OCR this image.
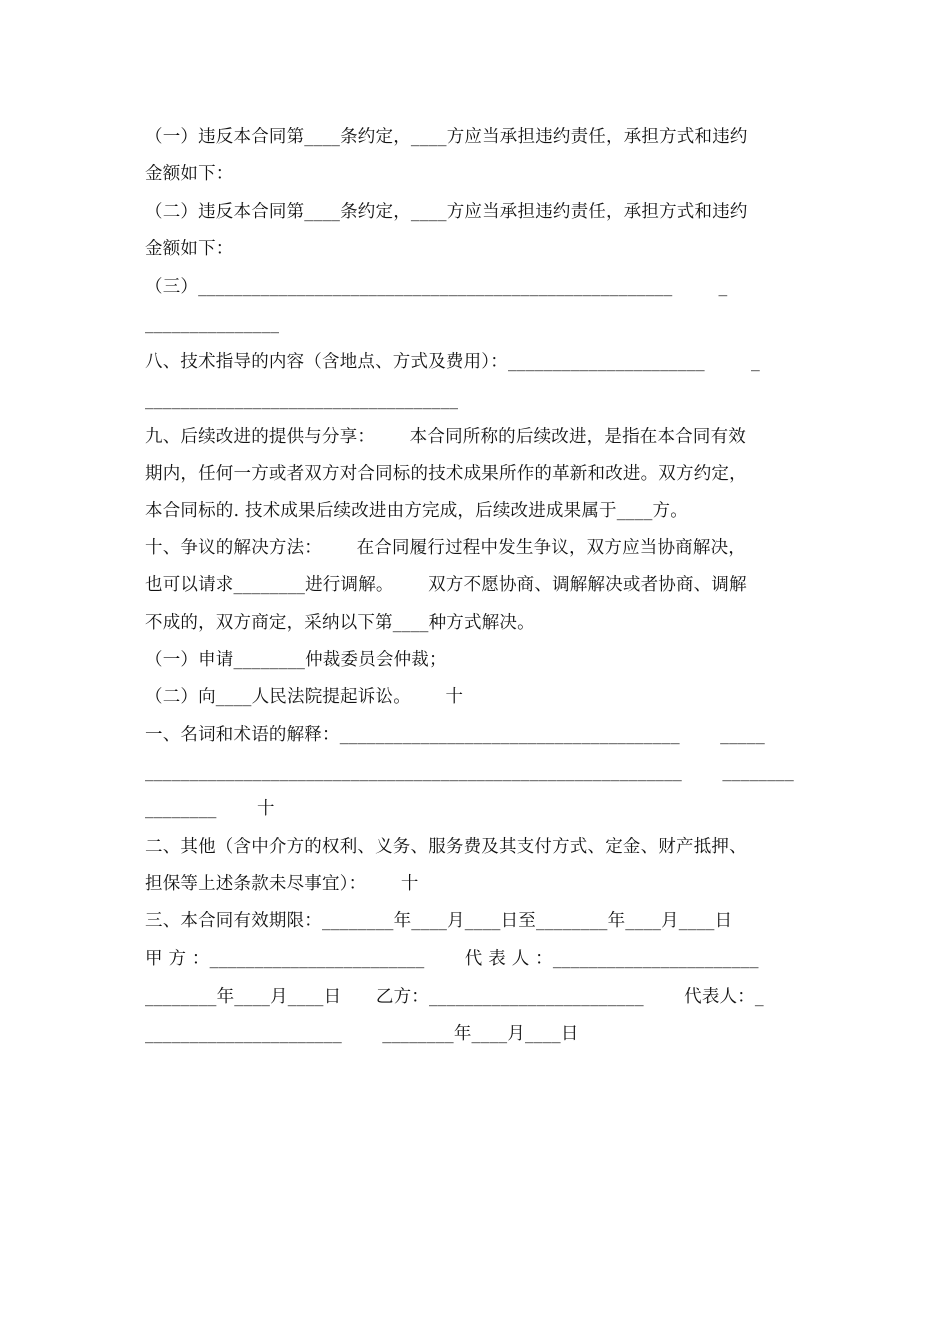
（一）违反本合同第____条约定，____方应当承担违约责任，承担方式和违约
金额如下：
（二）违反本合同第____条约定，____方应当承担违约责任，承担方式和违约
金额如下：
（三）_____________________________________________________        _
_______________
八、技术指导的内容（含地点、方式及费用）：______________________        _
___________________________________
九、后续改进的提供与分享：      本合同所称的后续改进，是指在本合同有效
期内，任何一方或者双方对合同标的技术成果所作的革新和改进。双方约定，
本合同标的. 技术成果后续改进由方完成，后续改进成果属于____方。
十、争议的解决方法：      在合同履行过程中发生争议，双方应当协商解决，
也可以请求________进行调解。      双方不愿协商、调解解决或者协商、调解
不成的，双方商定，采纳以下第____种方式解决。
（一）申请________仲裁委员会仲裁；
（二）向____人民法院提起诉讼。      十
一、名词和术语的解释：______________________________________       _____
____________________________________________________________       ________
________       十
二、其他（含中介方的权利、义务、服务费及其支付方式、定金、财产抵押、
担保等上述条款未尽事宜）：      十
三、本合同有效期限：________年____月____日至________年____月____日
甲 方 ：________________________       代 表 人 ：_______________________
________年____月____日      乙方：________________________       代表人：_
______________________       ________年____月____日
